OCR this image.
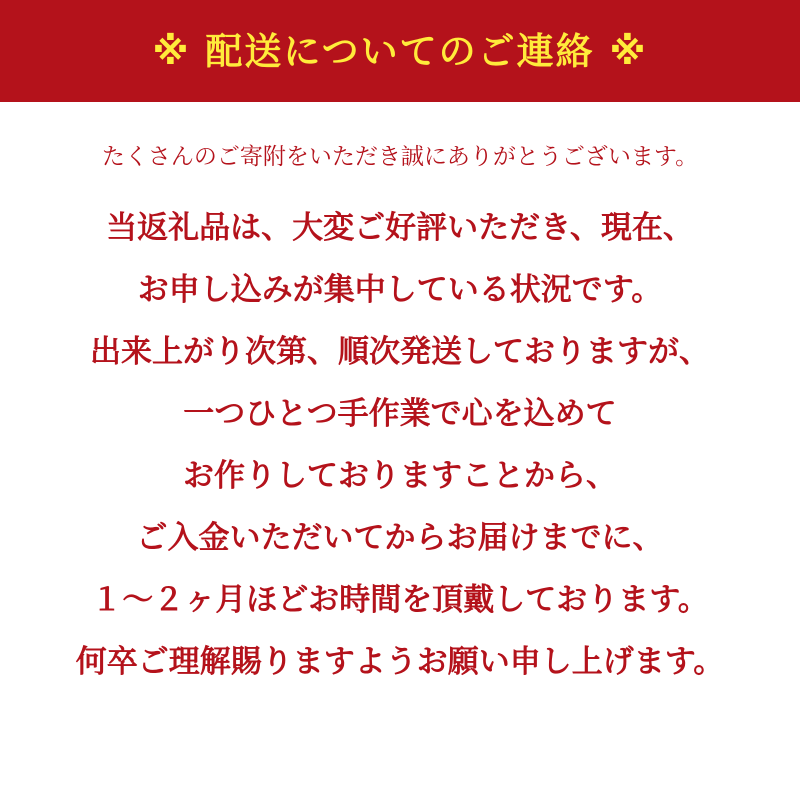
※ 配送についてのご連絡 ※
たくさんのご寄附をいただき誠にありがとうございます。
当返礼品は、大変ご好評いただき、現在、
お申し込みが集中している状況です。
出来上がり次第、順次発送しておりますが、
一つひとつ手作業で心を込めて
お作りしておりますことから、
ご入金いただいてからお届けまでに、
１～２ヶ月ほどお時間を頂戴しております。
何卒ご理解賜りますようお願い申し上げます。
